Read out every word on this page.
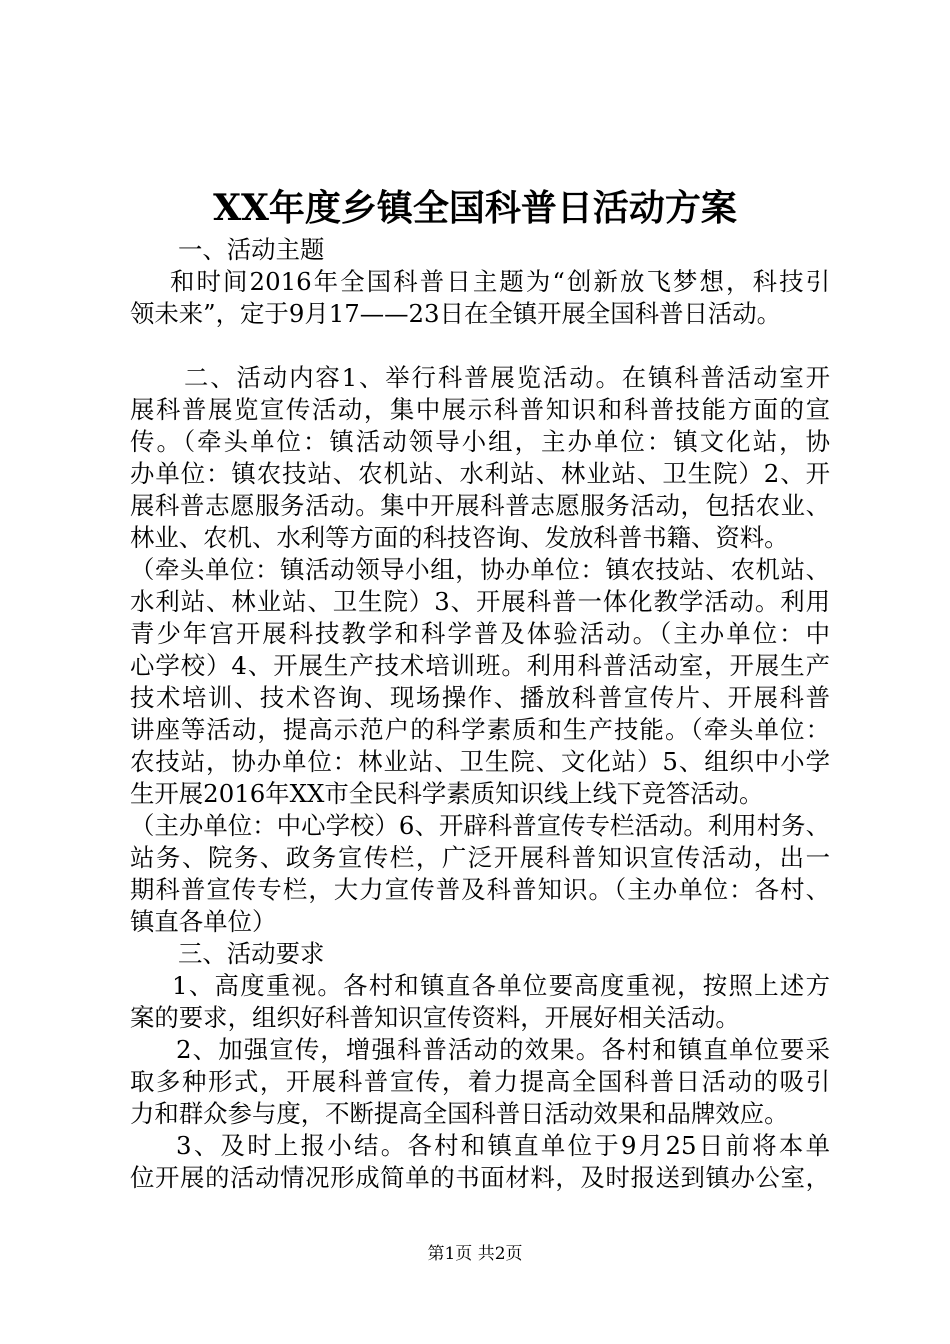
XX年度乡镇全国科普日活动方案
一、活动主题
和时间2016年全国科普日主题为“创新放飞梦想，科技引
领未来”，定于9月17——23日在全镇开展全国科普日活动。
二、活动内容1、举行科普展览活动。在镇科普活动室开
展科普展览宣传活动，集中展示科普知识和科普技能方面的宣
传。（牵头单位：镇活动领导小组，主办单位：镇文化站，协
办单位：镇农技站、农机站、水利站、林业站、卫生院）2、开
展科普志愿服务活动。集中开展科普志愿服务活动，包括农业、
林业、农机、水利等方面的科技咨询、发放科普书籍、资料。
（牵头单位：镇活动领导小组，协办单位：镇农技站、农机站、
水利站、林业站、卫生院）3、开展科普一体化教学活动。利用
青少年宫开展科技教学和科学普及体验活动。（主办单位：中
心学校）4、开展生产技术培训班。利用科普活动室，开展生产
技术培训、技术咨询、现场操作、播放科普宣传片、开展科普
讲座等活动，提高示范户的科学素质和生产技能。（牵头单位：
农技站，协办单位：林业站、卫生院、文化站）5、组织中小学
生开展2016年XX市全民科学素质知识线上线下竞答活动。
（主办单位：中心学校）6、开辟科普宣传专栏活动。利用村务、
站务、院务、政务宣传栏，广泛开展科普知识宣传活动，出一
期科普宣传专栏，大力宣传普及科普知识。（主办单位：各村、
镇直各单位）
三、活动要求
1、高度重视。各村和镇直各单位要高度重视，按照上述方
案的要求，组织好科普知识宣传资料，开展好相关活动。
2、加强宣传，增强科普活动的效果。各村和镇直单位要采
取多种形式，开展科普宣传，着力提高全国科普日活动的吸引
力和群众参与度，不断提高全国科普日活动效果和品牌效应。
3、及时上报小结。各村和镇直单位于9月25日前将本单
位开展的活动情况形成简单的书面材料，及时报送到镇办公室，
第1页 共2页
